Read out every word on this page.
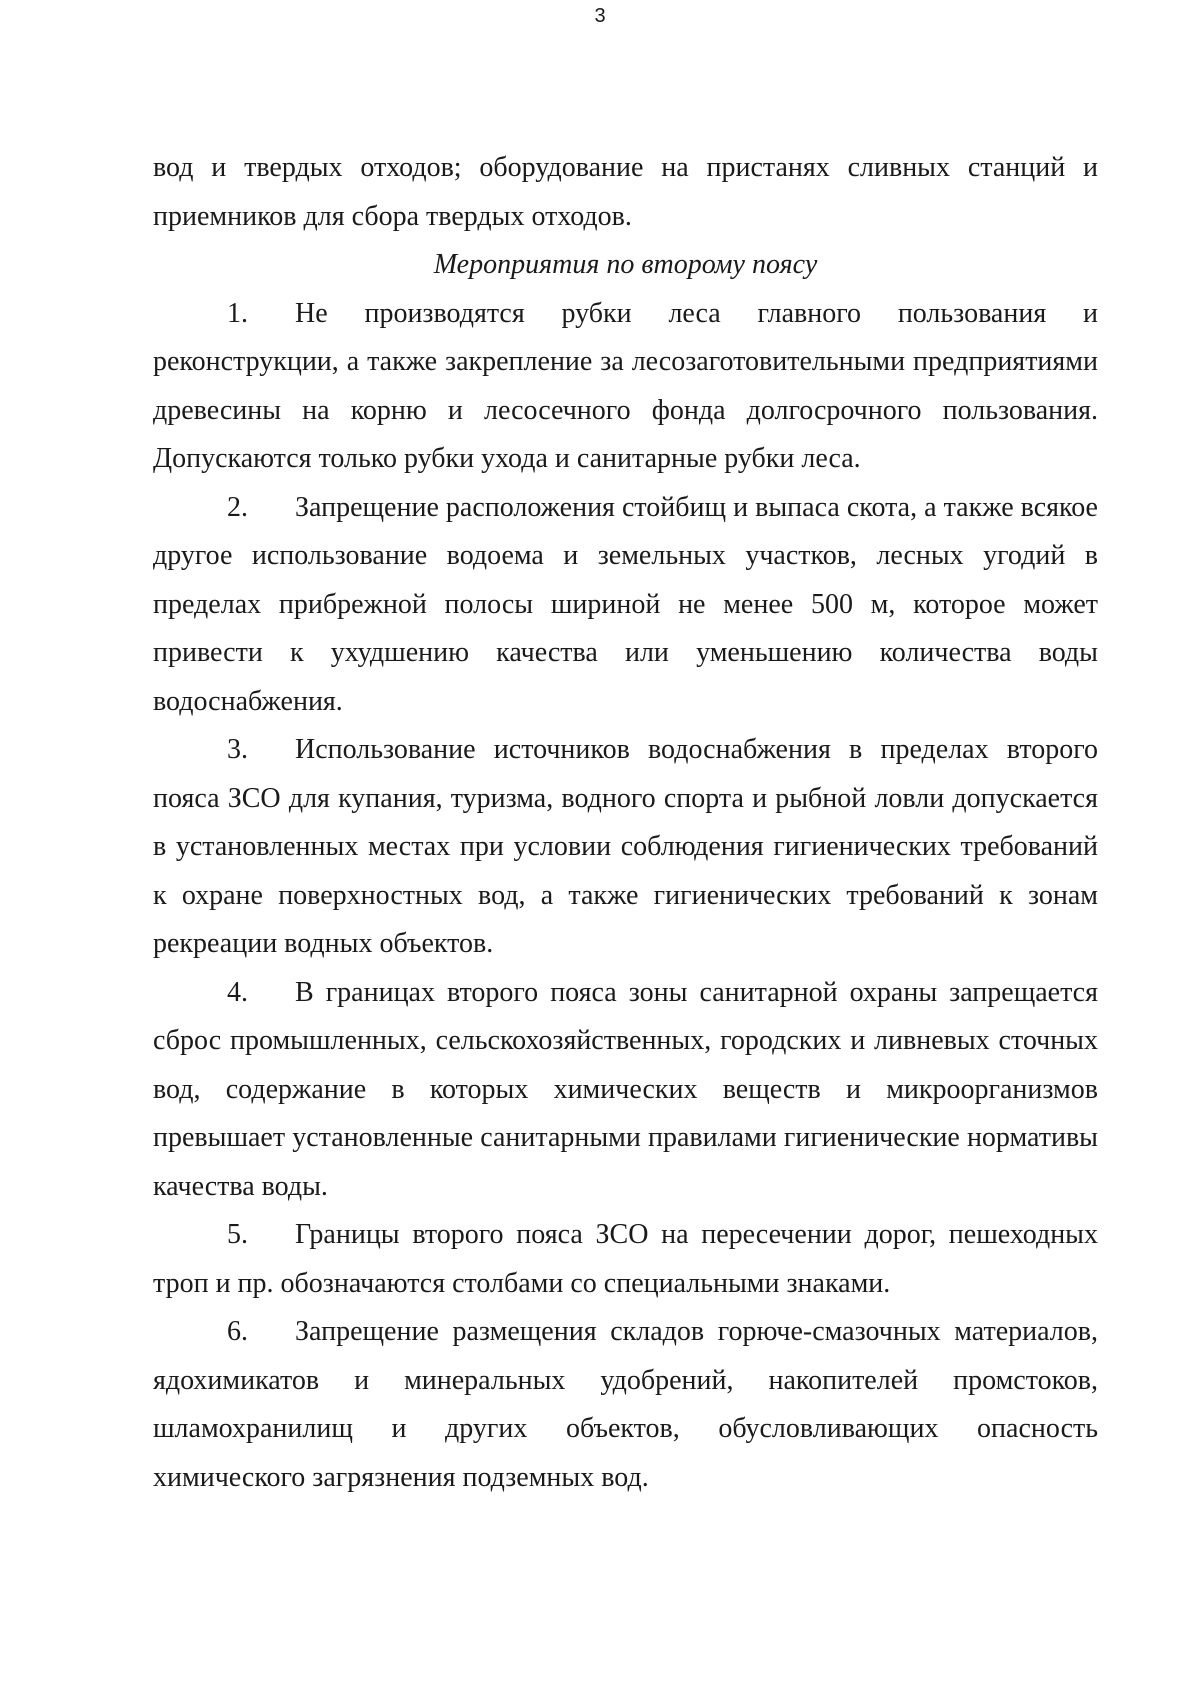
3

вод и твердых отходов; оборудование на пристанях сливных станций и приемников для сбора твердых отходов.

Мероприятия по второму поясу

1. Не производятся рубки леса главного пользования и реконструкции, а также закрепление за лесозаготовительными предприятиями древесины на корню и лесосечного фонда долгосрочного пользования. Допускаются только рубки ухода и санитарные рубки леса.

2. Запрещение расположения стойбищ и выпаса скота, а также всякое другое использование водоема и земельных участков, лесных угодий в пределах прибрежной полосы шириной не менее 500 м, которое может привести к ухудшению качества или уменьшению количества воды водоснабжения.

3. Использование источников водоснабжения в пределах второго пояса ЗСО для купания, туризма, водного спорта и рыбной ловли допускается в установленных местах при условии соблюдения гигиенических требований к охране поверхностных вод, а также гигиенических требований к зонам рекреации водных объектов.

4. В границах второго пояса зоны санитарной охраны запрещается сброс промышленных, сельскохозяйственных, городских и ливневых сточных вод, содержание в которых химических веществ и микроорганизмов превышает установленные санитарными правилами гигиенические нормативы качества воды.

5. Границы второго пояса ЗСО на пересечении дорог, пешеходных троп и пр. обозначаются столбами со специальными знаками.

6. Запрещение размещения складов горюче-смазочных материалов, ядохимикатов и минеральных удобрений, накопителей промстоков, шламохранилищ и других объектов, обусловливающих опасность химического загрязнения подземных вод.
